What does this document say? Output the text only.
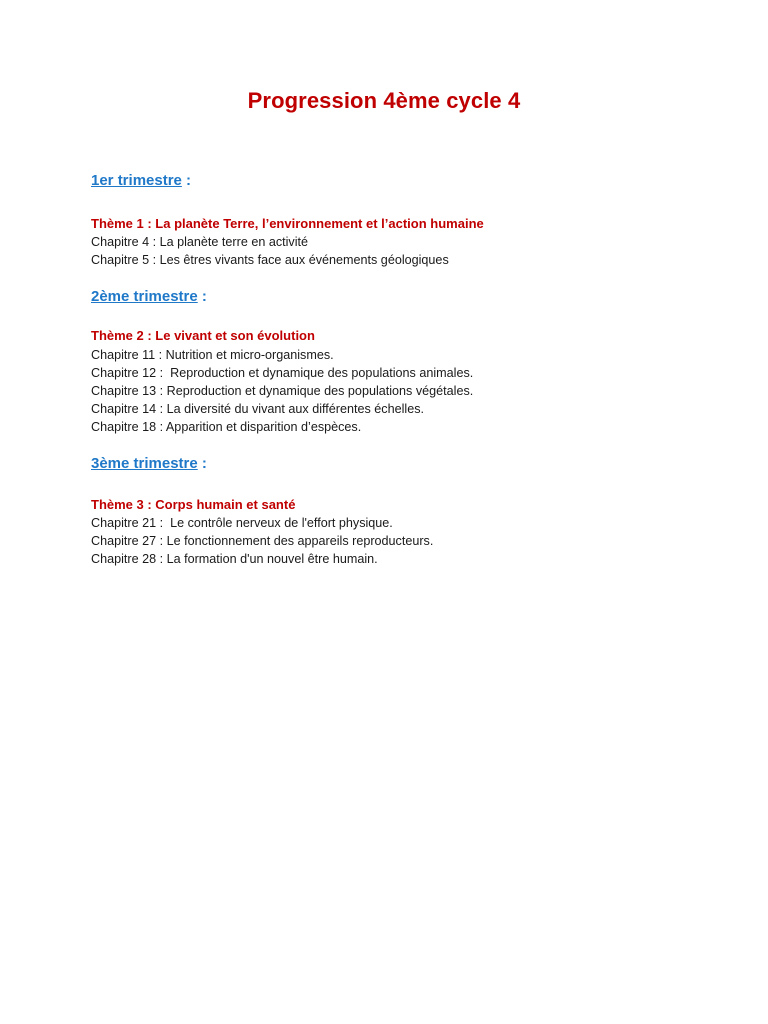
Progression 4ème cycle 4
1er trimestre :
Thème 1 : La planète Terre, l’environnement et l’action humaine
Chapitre 4 : La planète terre en activité
Chapitre 5 : Les êtres vivants face aux événements géologiques
2ème trimestre :
Thème 2 : Le vivant et son évolution
Chapitre 11 : Nutrition et micro-organismes.
Chapitre 12 :  Reproduction et dynamique des populations animales.
Chapitre 13 : Reproduction et dynamique des populations végétales.
Chapitre 14 : La diversité du vivant aux différentes échelles.
Chapitre 18 : Apparition et disparition d’espèces.
3ème trimestre :
Thème 3 : Corps humain et santé
Chapitre 21 :  Le contrôle nerveux de l'effort physique.
Chapitre 27 : Le fonctionnement des appareils reproducteurs.
Chapitre 28 : La formation d'un nouvel être humain.
